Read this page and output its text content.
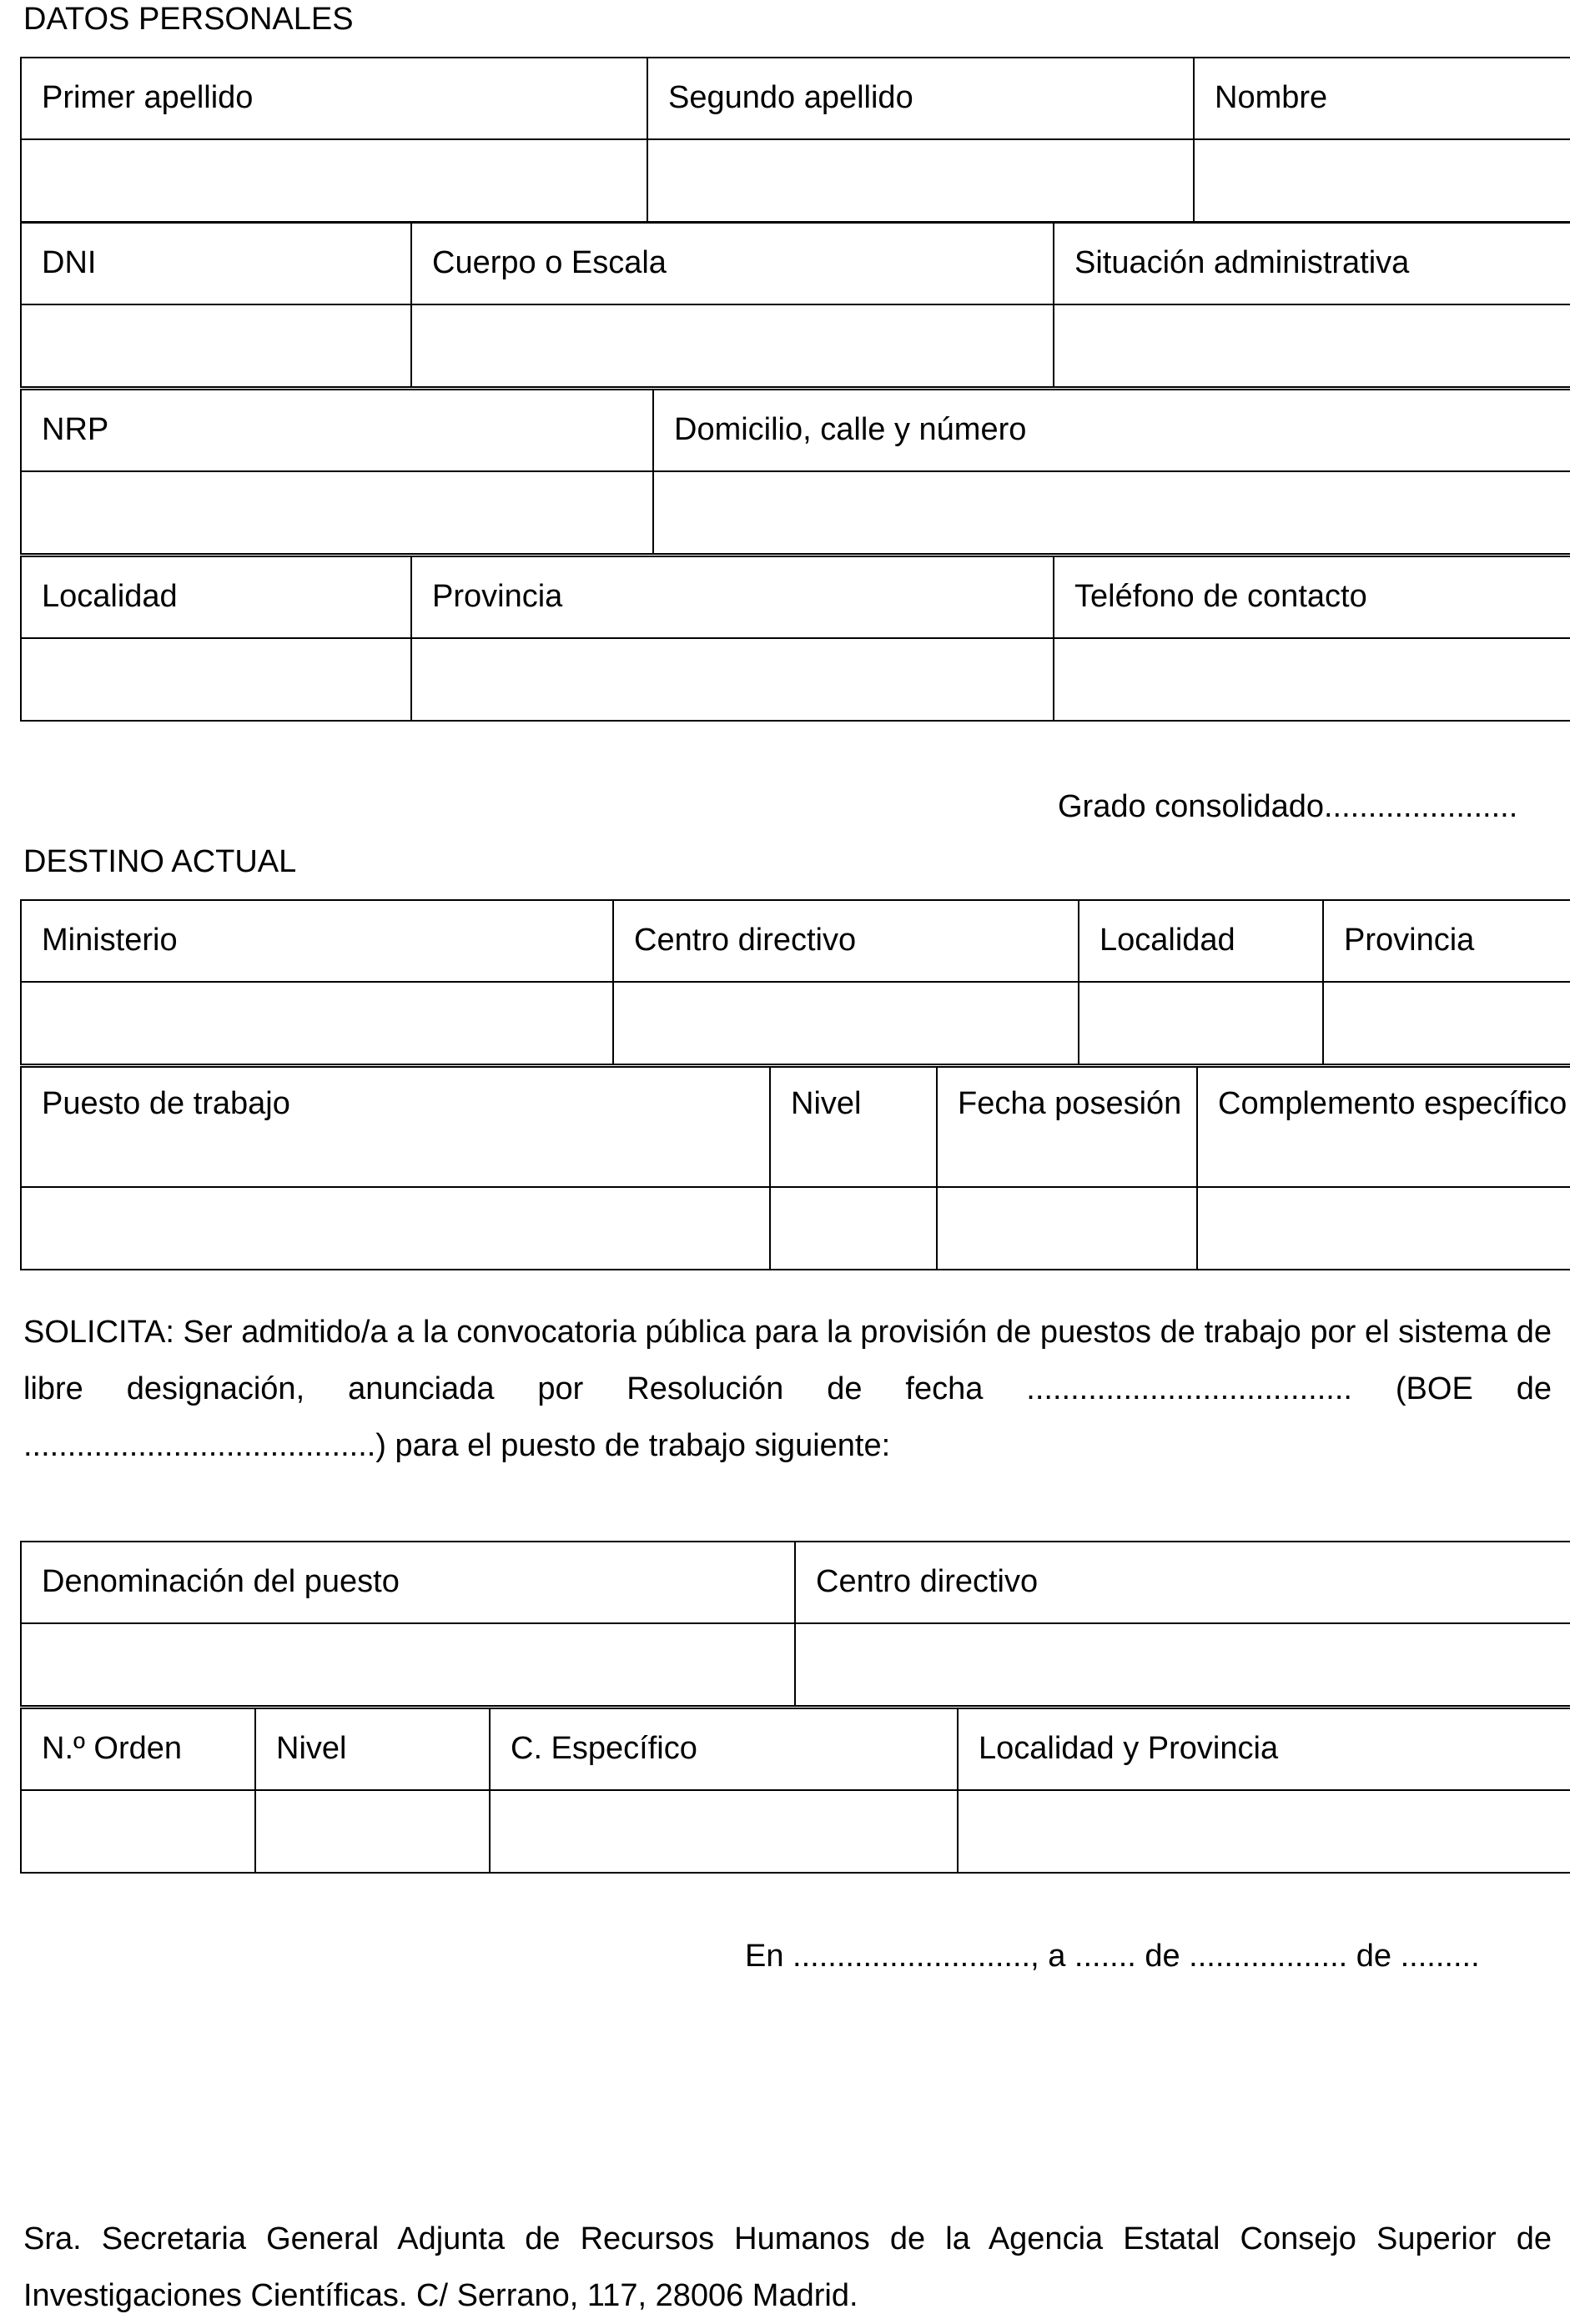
DATOS PERSONALES
Primer apellido	Segundo apellido	Nombre

DNI	Cuerpo o Escala	Situación administrativa

NRP	Domicilio, calle y número

Localidad	Provincia	Teléfono de contacto

Grado consolidado......................
DESTINO ACTUAL
Ministerio	Centro directivo	Localidad	Provincia

Puesto de trabajo	Nivel	Fecha posesión	Complemento específico

SOLICITA: Ser admitido/a a la convocatoria pública para la provisión de puestos de trabajo por el sistema de libre designación, anunciada por Resolución de fecha ..................................... (BOE de ........................................) para el puesto de trabajo siguiente:
Denominación del puesto	Centro directivo

N.º Orden	Nivel	C. Específico	Localidad y Provincia

En ..........................., a ....... de .................. de .........
Sra. Secretaria General Adjunta de Recursos Humanos de la Agencia Estatal Consejo Superior de Investigaciones Científicas. C/ Serrano, 117, 28006 Madrid.
